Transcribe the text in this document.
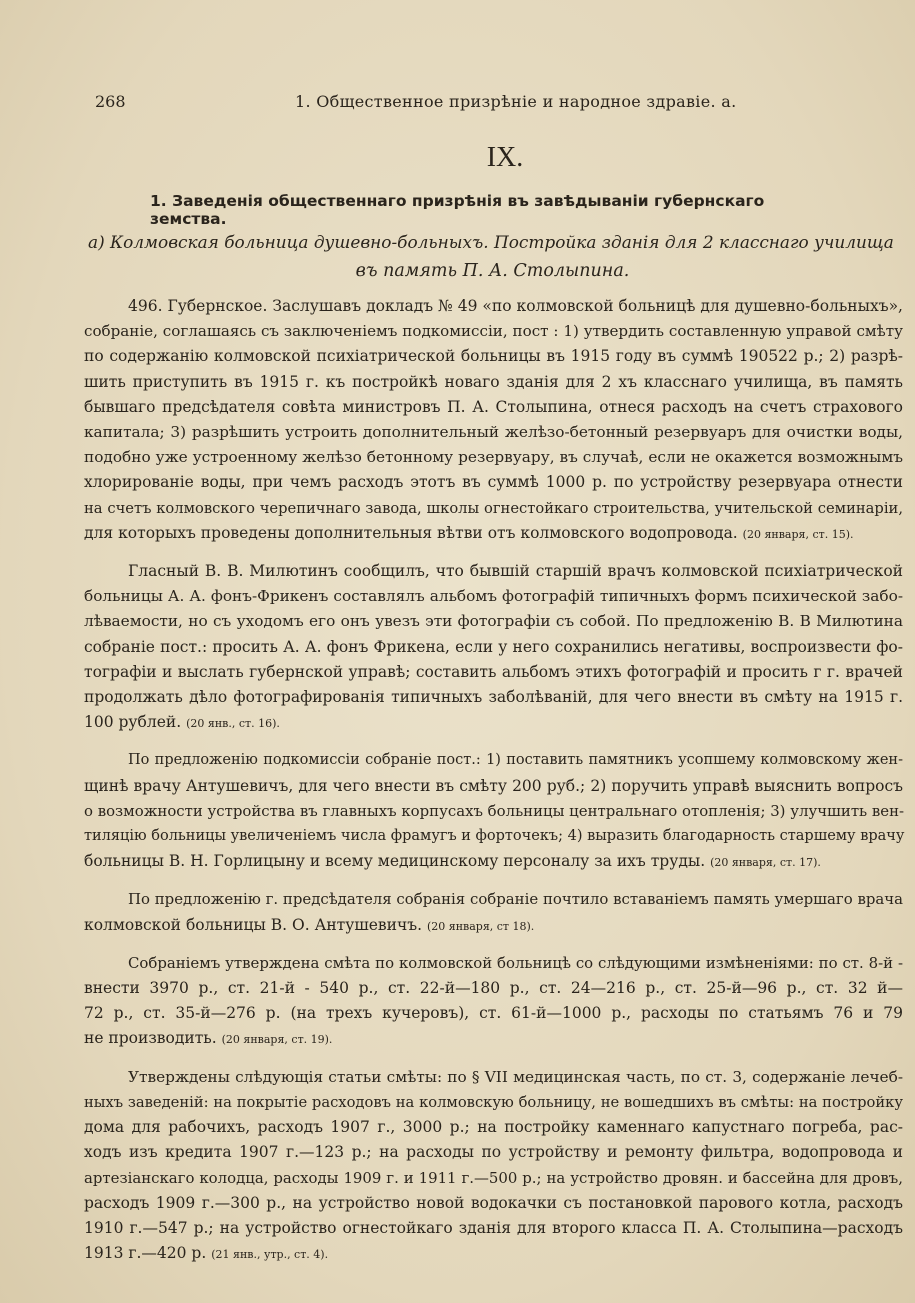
268	1. Общественное призрѣніе и народное здравіе. а.
IX.
1. Заведенія общественнаго призрѣнія въ завѣдываніи губернскаго земства.
а) Колмовская больница душевно-больныхъ. Постройка зданія для 2 класснаго училища
въ память П. А. Столыпина.
496. Губернское. Заслушавъ докладъ № 49 «по колмовской больницѣ для душевно-больныхъ»,
собраніе, соглашаясь съ заключеніемъ подкомиссіи, пост : 1) утвердить составленную управой смѣту
по содержанію колмовской психіатрической больницы въ 1915 году въ суммѣ 190522 р.; 2) разрѣ-
шить приступить въ 1915 г. къ постройкѣ новаго зданія для 2 хъ класснаго училища, въ память
бывшаго предсѣдателя совѣта министровъ П. А. Столыпина, отнеся расходъ на счетъ страхового
капитала; 3) разрѣшить устроить дополнительный желѣзо-бетонный резервуаръ для очистки воды,
подобно уже устроенному желѣзо бетонному резервуару, въ случаѣ, если не окажется возможнымъ
хлорированіе воды, при чемъ расходъ этотъ въ суммѣ 1000 р. по устройству резервуара отнести
на счетъ колмовского черепичнаго завода, школы огнестойкаго строительства, учительской семинаріи,
для которыхъ проведены дополнительныя вѣтви отъ колмовского водопровода. (20 января, ст. 15).
Гласный В. В. Милютинъ сообщилъ, что бывшій старшій врачъ колмовской психіатрической
больницы А. А. фонъ-Фрикенъ составлялъ альбомъ фотографій типичныхъ формъ психической забо-
лѣваемости, но съ уходомъ его онъ увезъ эти фотографіи съ собой. По предложенію В. В Милютина
собраніе пост.: просить А. А. фонъ Фрикена, если у него сохранились негативы, воспроизвести фо-
тографіи и выслать губернской управѣ; составить альбомъ этихъ фотографій и просить г г. врачей
продолжать дѣло фотографированія типичныхъ заболѣваній, для чего внести въ смѣту на 1915 г.
100 рублей. (20 янв., ст. 16).
По предложенію подкомиссіи собраніе пост.: 1) поставить памятникъ усопшему колмовскому жен-
щинѣ врачу Антушевичъ, для чего внести въ смѣту 200 руб.; 2) поручить управѣ выяснить вопросъ
о возможности устройства въ главныхъ корпусахъ больницы центральнаго отопленія; 3) улучшить вен-
тиляцію больницы увеличеніемъ числа фрамугъ и форточекъ; 4) выразить благодарность старшему врачу
больницы В. Н. Горлицыну и всему медицинскому персоналу за ихъ труды. (20 января, ст. 17).
По предложенію г. предсѣдателя собранія собраніе почтило вставаніемъ память умершаго врача
колмовской больницы В. О. Антушевичъ. (20 января, ст 18).
Собраніемъ утверждена смѣта по колмовской больницѣ со слѣдующими измѣненіями: по ст. 8-й -
внести 3970 р., ст. 21-й - 540 р., ст. 22-й—180 р., ст. 24—216 р., ст. 25-й—96 р., ст. 32 й—
72 р., ст. 35-й—276 р. (на трехъ кучеровъ), ст. 61-й—1000 р., расходы по статьямъ 76 и 79
не производить. (20 января, ст. 19).
Утверждены слѣдующія статьи смѣты: по § VII медицинская часть, по ст. 3, содержаніе лечеб-
ныхъ заведеній: на покрытіе расходовъ на колмовскую больницу, не вошедшихъ въ смѣты: на постройку
дома для рабочихъ, расходъ 1907 г., 3000 р.; на постройку каменнаго капустнаго погреба, рас-
ходъ изъ кредита 1907 г.—123 р.; на расходы по устройству и ремонту фильтра, водопровода и
артезіанскаго колодца, расходы 1909 г. и 1911 г.—500 р.; на устройство дровян. и бассейна для дровъ,
расходъ 1909 г.—300 р., на устройство новой водокачки съ постановкой парового котла, расходъ
1910 г.—547 р.; на устройство огнестойкаго зданія для второго класса П. А. Столыпина—расходъ
1913 г.—420 р. (21 янв., утр., ст. 4).
